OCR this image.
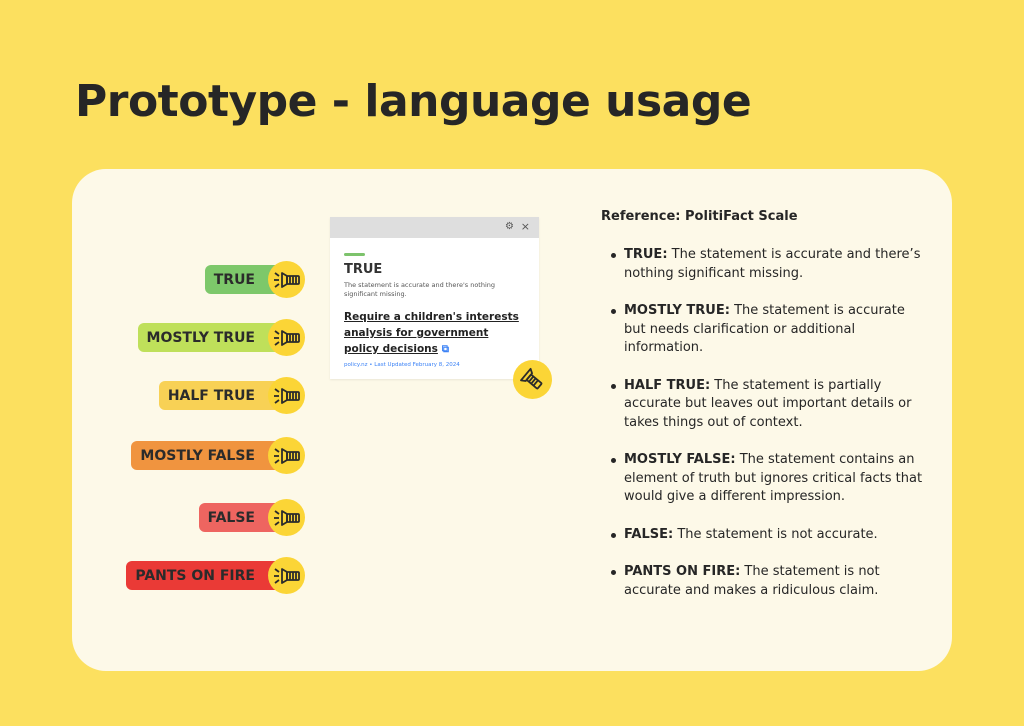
Prototype - language usage
TRUE
MOSTLY TRUE
HALF TRUE
MOSTLY FALSE
FALSE
PANTS ON FIRE
⚙ ×
TRUE
The statement is accurate and there's nothing significant missing.
Require a children's interests analysis for government policy decisions ⧉
policy.nz • Last Updated February 8, 2024
Reference: PolitiFact Scale
TRUE: The statement is accurate and there’s nothing significant missing.
MOSTLY TRUE: The statement is accurate but needs clarification or additional information.
HALF TRUE: The statement is partially accurate but leaves out important details or takes things out of context.
MOSTLY FALSE: The statement contains an element of truth but ignores critical facts that would give a different impression.
FALSE: The statement is not accurate.
PANTS ON FIRE: The statement is not accurate and makes a ridiculous claim.
